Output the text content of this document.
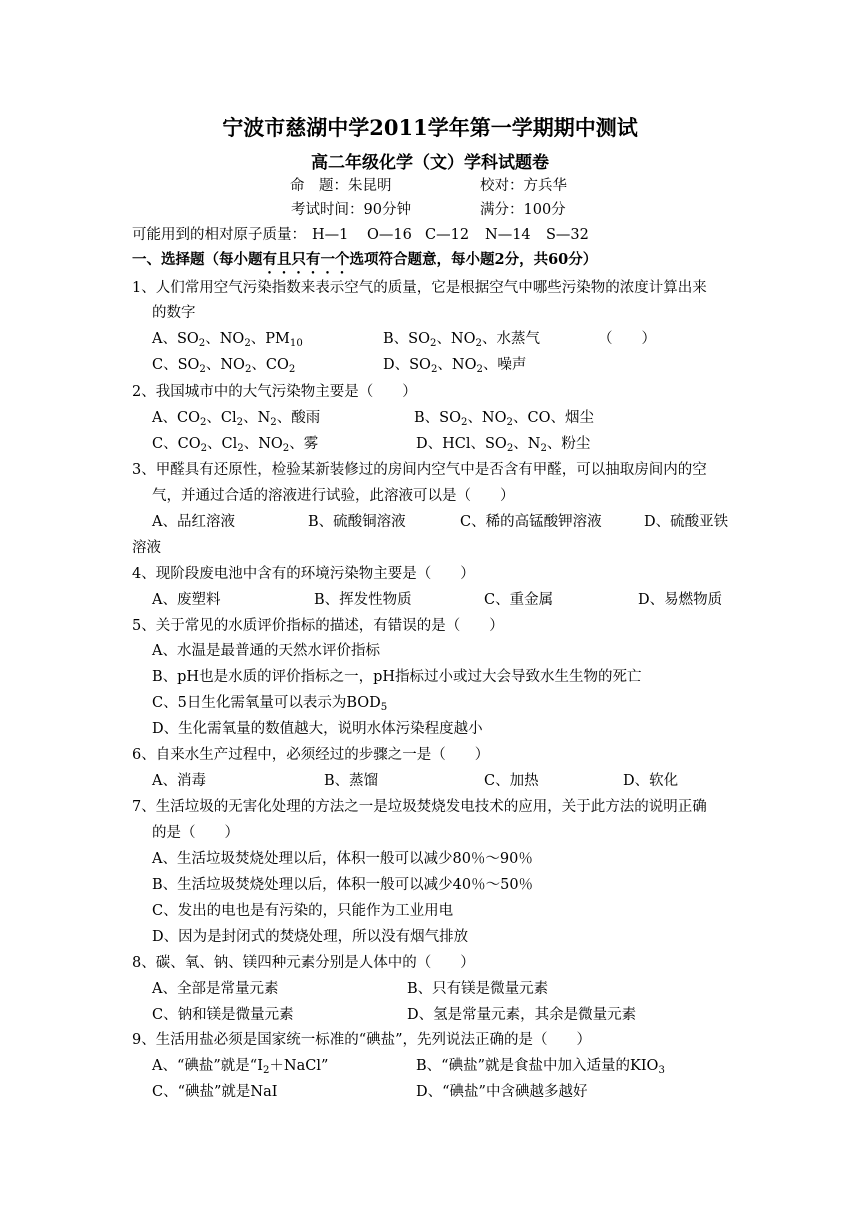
宁波市慈湖中学2011学年第一学期期中测试
高二年级化学（文）学科试题卷
命　题：朱昆明	校对：方兵华
考试时间：90分钟	满分：100分
可能用到的相对原子质量： H—1 O—16 C—12 N—14 S—32
一、选择题（每小题有且只有一个选项符合题意，每小题2分，共60分）
1、人们常用空气污染指数来表示空气的质量，它是根据空气中哪些污染物的浓度计算出来
的数字
A、$SO_2$、$NO_2$、$PM_{10}$	B、$SO_2$、$NO_2$、水蒸气	（　　）
C、$SO_2$、$NO_2$、$CO_2$	D、$SO_2$、$NO_2$、噪声
2、我国城市中的大气污染物主要是（　　）
A、$CO_2$、$Cl_2$、$N_2$、酸雨	B、$SO_2$、$NO_2$、CO、烟尘
C、$CO_2$、$Cl_2$、$NO_2$、雾	D、HCl、$SO_2$、$N_2$、粉尘
3、甲醛具有还原性，检验某新装修过的房间内空气中是否含有甲醛，可以抽取房间内的空
气，并通过合适的溶液进行试验，此溶液可以是（　　）
A、品红溶液	B、硫酸铜溶液	C、稀的高锰酸钾溶液	D、硫酸亚铁
溶液
4、现阶段废电池中含有的环境污染物主要是（　　）
A、废塑料	B、挥发性物质	C、重金属	D、易燃物质
5、关于常见的水质评价指标的描述，有错误的是（　　）
A、水温是最普通的天然水评价指标
B、pH也是水质的评价指标之一，pH指标过小或过大会导致水生生物的死亡
C、5日生化需氧量可以表示为$BOD_5$
D、生化需氧量的数值越大，说明水体污染程度越小
6、自来水生产过程中，必须经过的步骤之一是（　　）
A、消毒	B、蒸馏	C、加热	D、软化
7、生活垃圾的无害化处理的方法之一是垃圾焚烧发电技术的应用，关于此方法的说明正确
的是（　　）
A、生活垃圾焚烧处理以后，体积一般可以减少80％～90％
B、生活垃圾焚烧处理以后，体积一般可以减少40％～50％
C、发出的电也是有污染的，只能作为工业用电
D、因为是封闭式的焚烧处理，所以没有烟气排放
8、碳、氧、钠、镁四种元素分别是人体中的（　　）
A、全部是常量元素	B、只有镁是微量元素
C、钠和镁是微量元素	D、氢是常量元素，其余是微量元素
9、生活用盐必须是国家统一标准的“碘盐”，先列说法正确的是（　　）
A、“碘盐”就是“$I_2+NaCl$”	B、“碘盐”就是食盐中加入适量的$KIO_3$
C、“碘盐”就是NaI	D、“碘盐”中含碘越多越好
